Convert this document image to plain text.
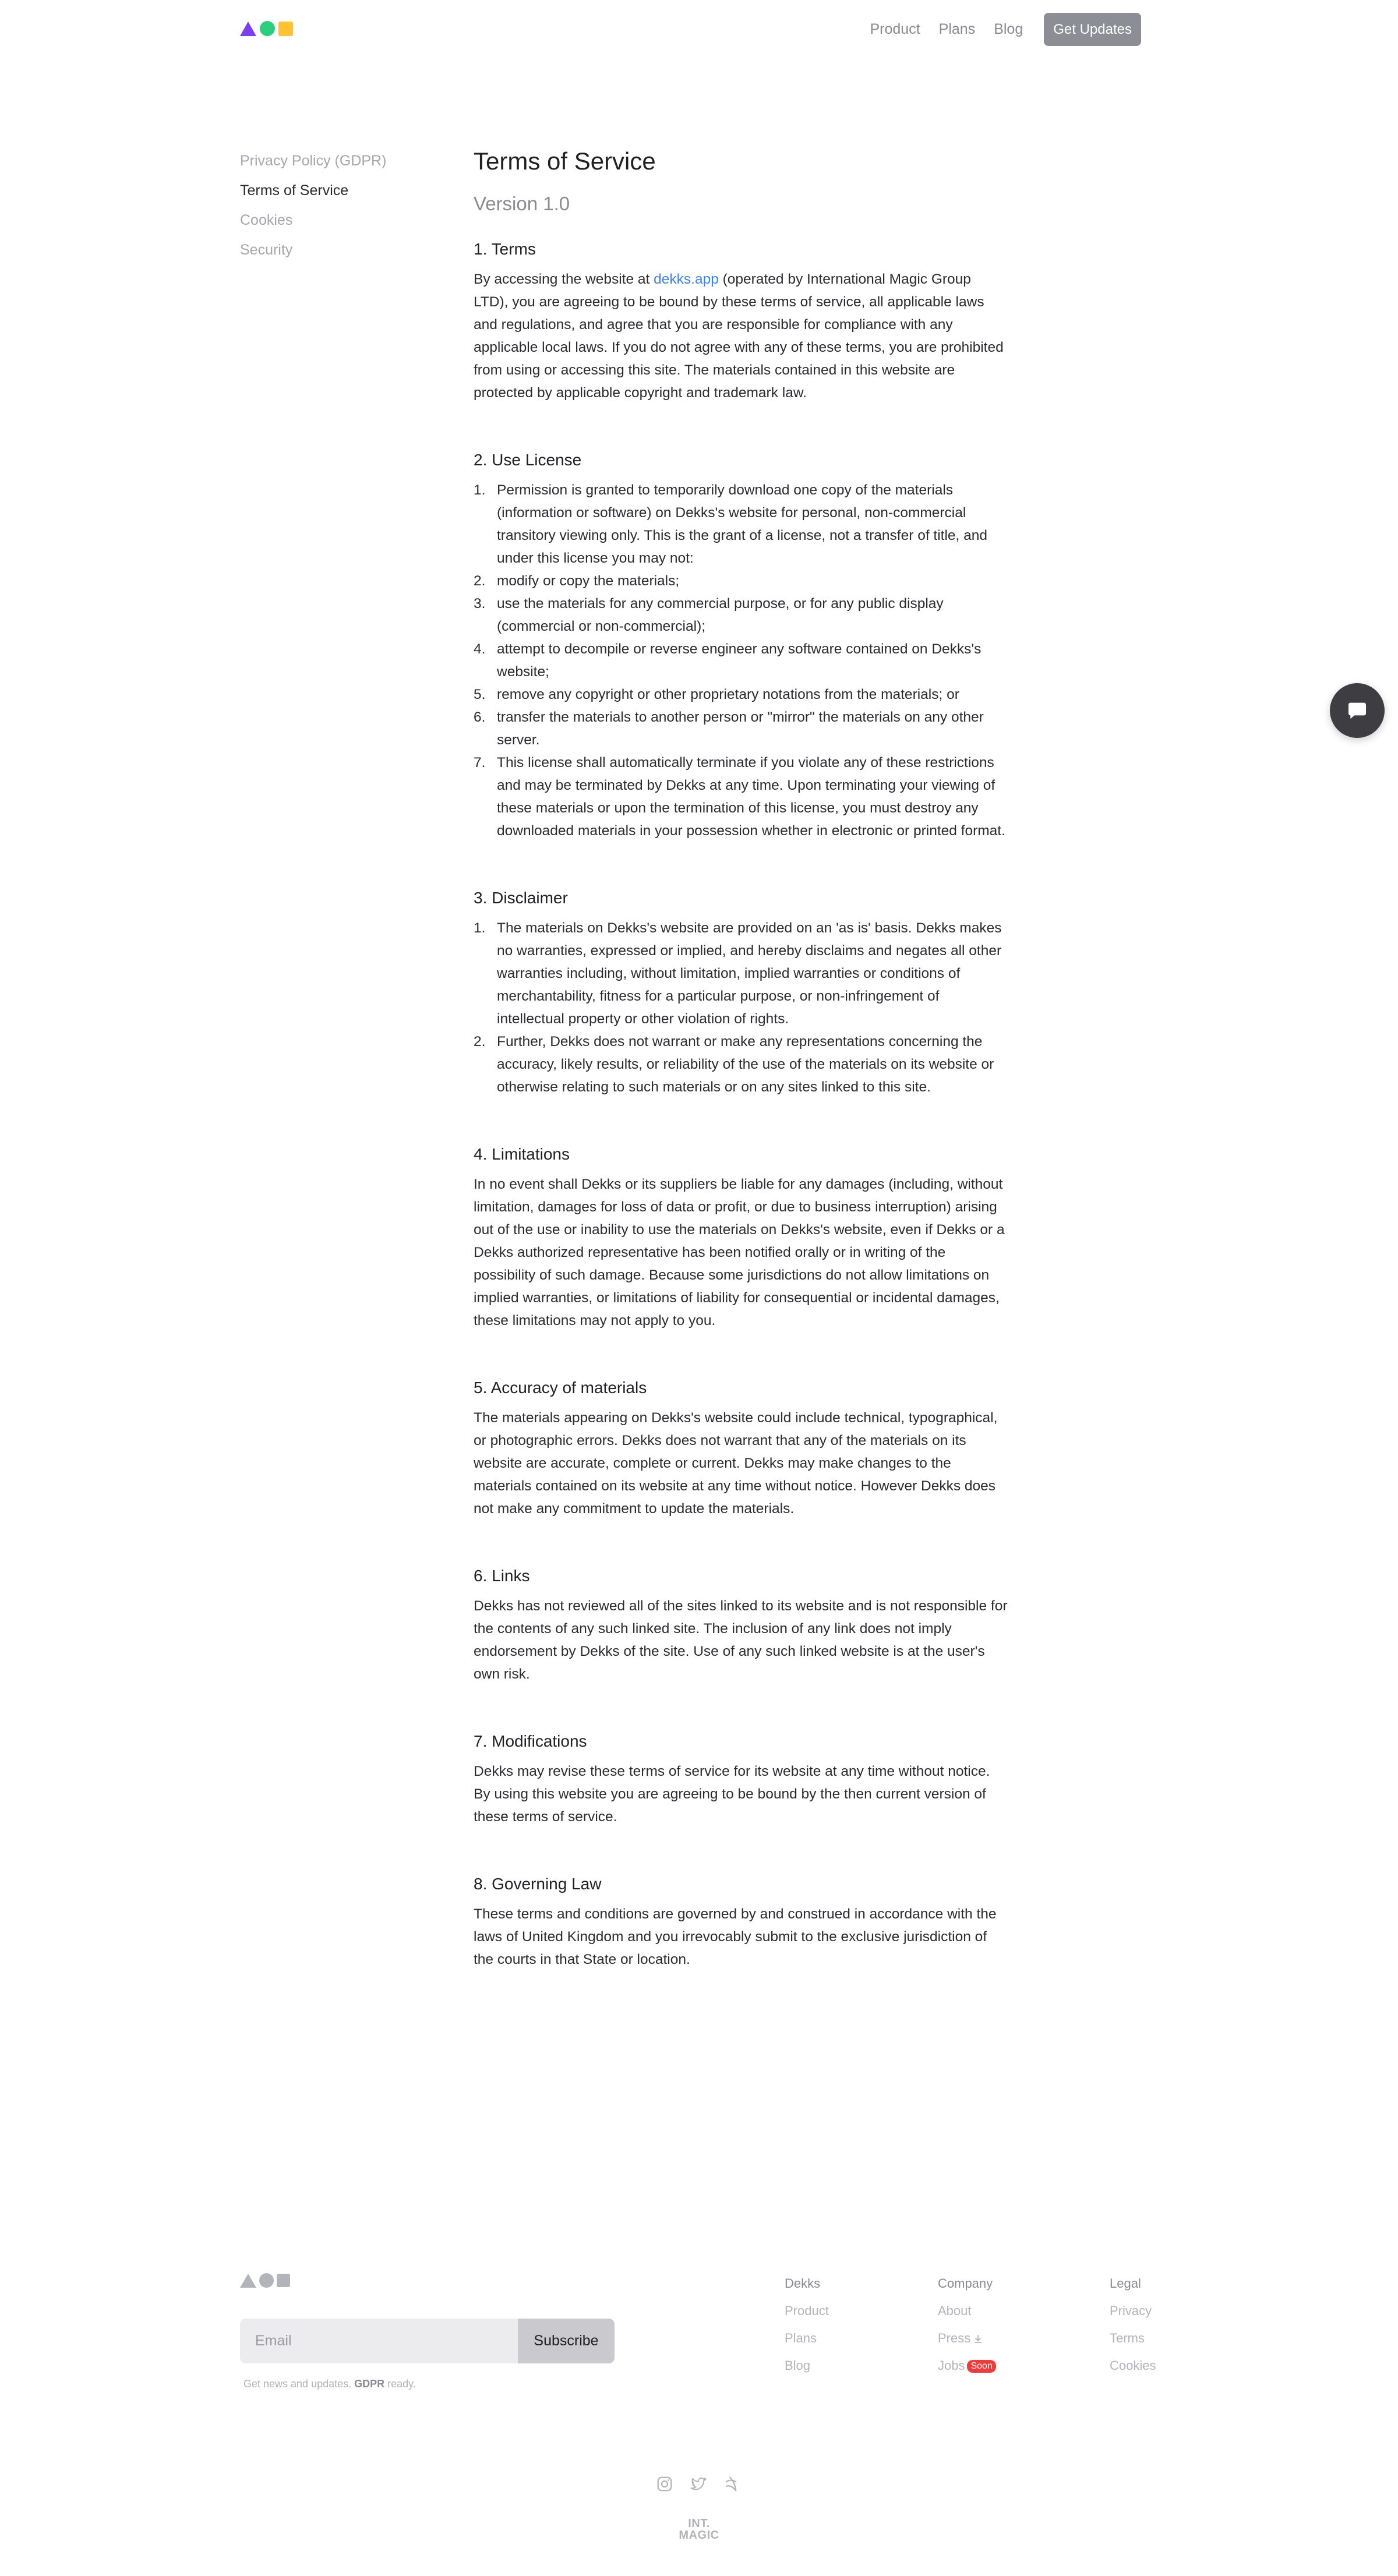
Product Plans Blog	Get Updates
Privacy Policy (GDPR)
Terms of Service
Cookies
Security
Terms of Service
Version 1.0
1. Terms

By accessing the website at dekks.app (operated by International Magic Group LTD), you are agreeing to be bound by these terms of service, all applicable laws and regulations, and agree that you are responsible for compliance with any applicable local laws. If you do not agree with any of these terms, you are prohibited from using or accessing this site. The materials contained in this website are protected by applicable copyright and trademark law.

2. Use License
1. Permission is granted to temporarily download one copy of the materials (information or software) on Dekks's website for personal, non-commercial transitory viewing only. This is the grant of a license, not a transfer of title, and under this license you may not:
2. modify or copy the materials;
3. use the materials for any commercial purpose, or for any public display (commercial or non-commercial);
4. attempt to decompile or reverse engineer any software contained on Dekks's website;
5. remove any copyright or other proprietary notations from the materials; or
6. transfer the materials to another person or "mirror" the materials on any other server.
7. This license shall automatically terminate if you violate any of these restrictions and may be terminated by Dekks at any time. Upon terminating your viewing of these materials or upon the termination of this license, you must destroy any downloaded materials in your possession whether in electronic or printed format.
3. Disclaimer
1. The materials on Dekks's website are provided on an 'as is' basis. Dekks makes no warranties, expressed or implied, and hereby disclaims and negates all other warranties including, without limitation, implied warranties or conditions of merchantability, fitness for a particular purpose, or non-infringement of intellectual property or other violation of rights.
2. Further, Dekks does not warrant or make any representations concerning the accuracy, likely results, or reliability of the use of the materials on its website or otherwise relating to such materials or on any sites linked to this site.
4. Limitations

In no event shall Dekks or its suppliers be liable for any damages (including, without limitation, damages for loss of data or profit, or due to business interruption) arising out of the use or inability to use the materials on Dekks's website, even if Dekks or a Dekks authorized representative has been notified orally or in writing of the possibility of such damage. Because some jurisdictions do not allow limitations on implied warranties, or limitations of liability for consequential or incidental damages, these limitations may not apply to you.

5. Accuracy of materials

The materials appearing on Dekks's website could include technical, typographical, or photographic errors. Dekks does not warrant that any of the materials on its website are accurate, complete or current. Dekks may make changes to the materials contained on its website at any time without notice. However Dekks does not make any commitment to update the materials.

6. Links

Dekks has not reviewed all of the sites linked to its website and is not responsible for the contents of any such linked site. The inclusion of any link does not imply endorsement by Dekks of the site. Use of any such linked website is at the user's own risk.

7. Modifications

Dekks may revise these terms of service for its website at any time without notice. By using this website you are agreeing to be bound by the then current version of these terms of service.

8. Governing Law

These terms and conditions are governed by and construed in accordance with the laws of United Kingdom and you irrevocably submit to the exclusive jurisdiction of the courts in that State or location.

Email
Subscribe
Get news and updates. GDPR ready.
Dekks
Product
Plans
Blog
Company
About
Press
Jobs Soon
Legal
Privacy
Terms
Cookies
INT.
MAGIC
